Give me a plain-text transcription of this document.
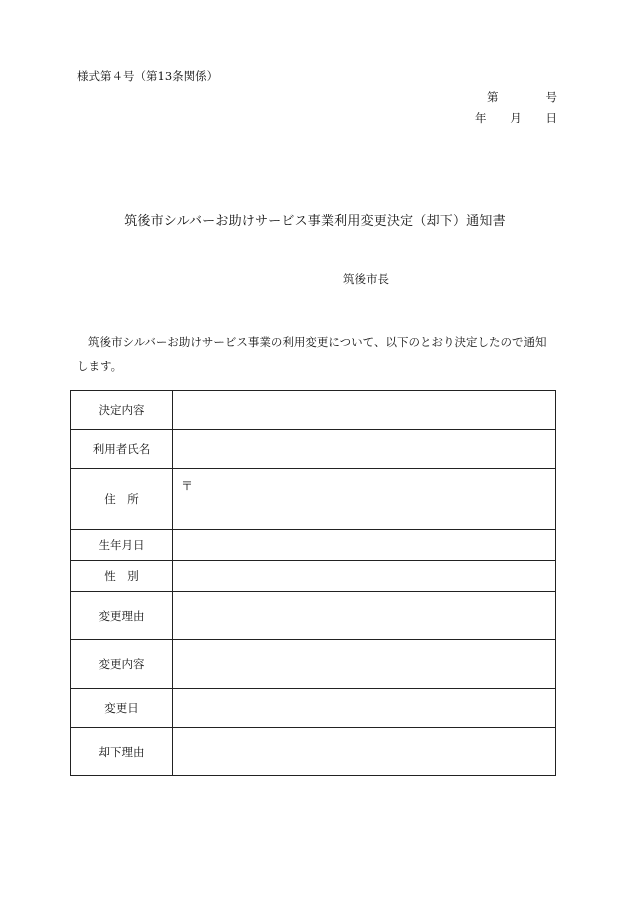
様式第４号（第13条関係）
第	号
年 月 日
筑後市シルバーお助けサービス事業利用変更決定（却下）通知書
筑後市長
筑後市シルバーお助けサービス事業の利用変更について、以下のとおり決定したので通知します。
決定内容	
利用者氏名	
住　所	〒
生年月日	
性　別	
変更理由	
変更内容	
変更日	
却下理由	
